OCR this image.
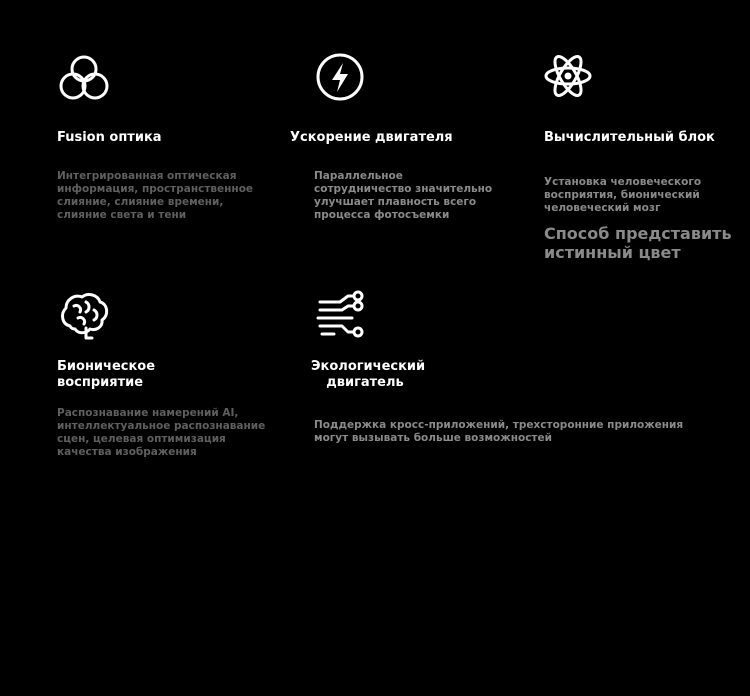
Fusion оптика
Интегрированная оптическая информация, пространственное слияние, слияние времени, слияние света и тени
Ускорение двигателя
Параллельное сотрудничество значительно улучшает плавность всего процесса фотосъемки
Вычислительный блок
Установка человеческого восприятия, бионический человеческий мозг
Способ представить истинный цвет
Бионическое
восприятие
Распознавание намерений AI, интеллектуальное распознавание сцен, целевая оптимизация качества изображения
Экологический
двигатель
Поддержка кросс-приложений, трехсторонние приложения могут вызывать больше возможностей
